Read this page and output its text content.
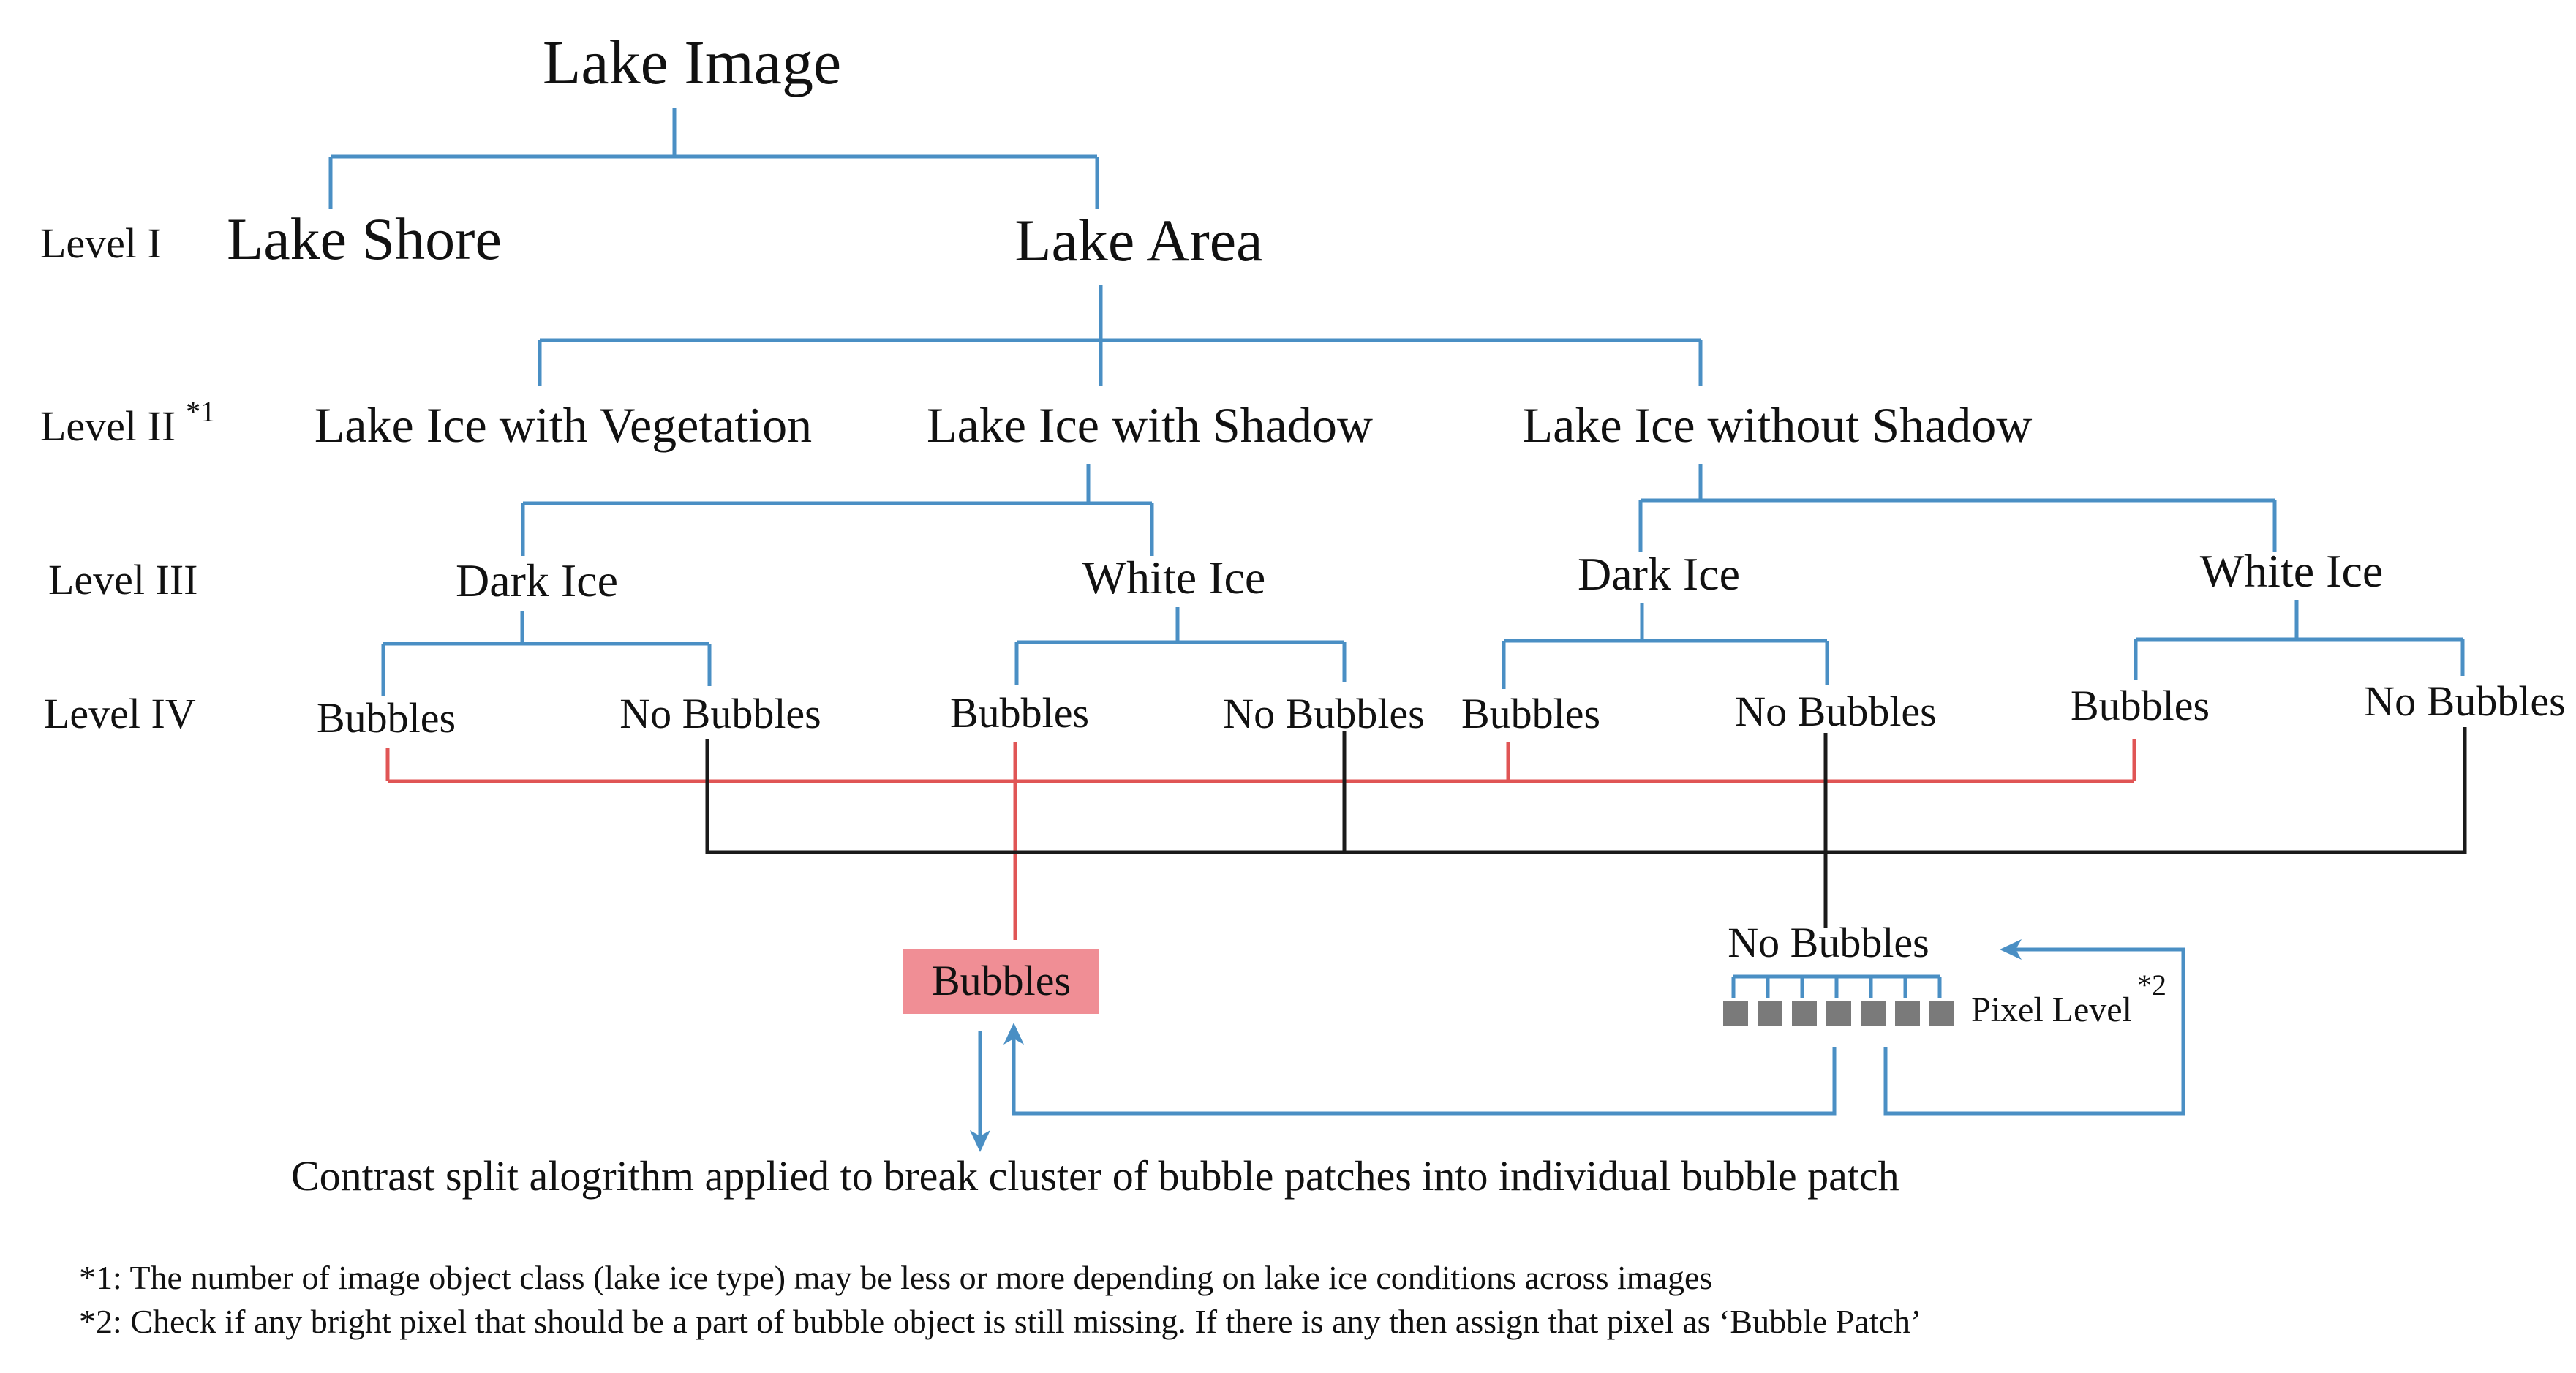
Lake Image
Level I
Level II $^{*1}$
Level III
Level IV
Lake Shore	Lake Area
Lake Ice with Vegetation Lake Ice with Shadow	Lake Ice without Shadow
Dark Ice	White Ice	Dark Ice	White Ice
Bubbles	No Bubbles	Bubbles	No Bubbles Bubbles	No Bubbles	Bubbles	No Bubbles
Bubbles
No Bubbles
Pixel Level
*2
Contrast split alogrithm applied to break cluster of bubble patches into individual bubble patch
*1: The number of image object class (lake ice type) may be less or more depending on lake ice conditions across images
*2: Check if any bright pixel that should be a part of bubble object is still missing. If there is any then assign that pixel as ‘Bubble Patch’
